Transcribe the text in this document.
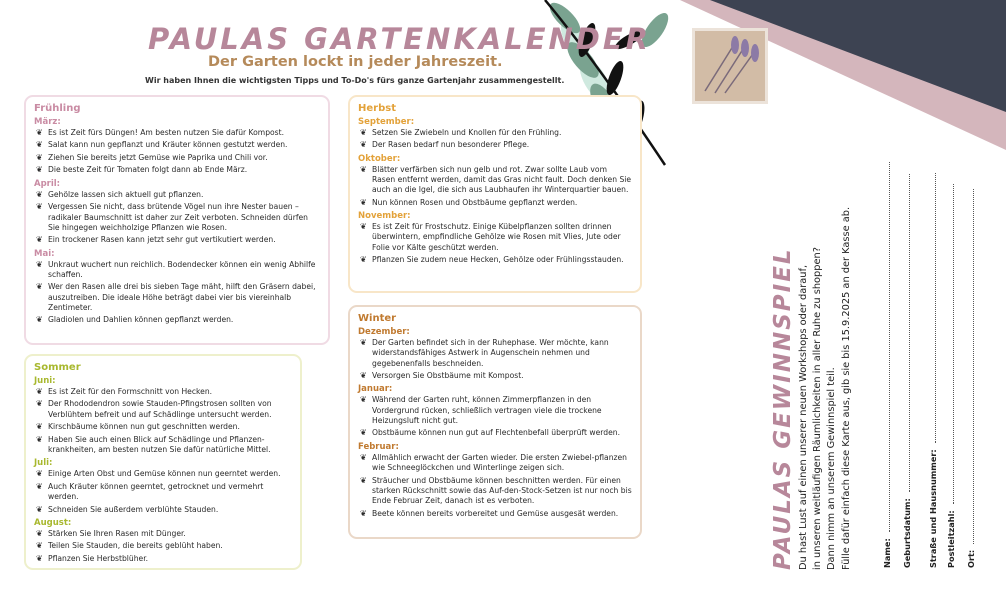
PAULAS GARTENKALENDER
Der Garten lockt in jeder Jahreszeit.
Wir haben Ihnen die wichtigsten Tipps und To-Do's fürs ganze Gartenjahr zusammengestellt.
Frühling
März:
❦ Es ist Zeit fürs Düngen! Am besten nutzen Sie dafür Kompost.
❦ Salat kann nun gepflanzt und Kräuter können gestutzt werden.
❦ Ziehen Sie bereits jetzt Gemüse wie Paprika und Chili vor.
❦ Die beste Zeit für Tomaten folgt dann ab Ende März.
April:
❦ Gehölze lassen sich aktuell gut pflanzen.
❦ Vergessen Sie nicht, dass brütende Vögel nun ihre Nester bauen – radikaler Baumschnitt ist daher zur Zeit verboten. Schneiden dürfen Sie hingegen weichholzige Pflanzen wie Rosen.
❦ Ein trockener Rasen kann jetzt sehr gut vertikutiert werden.
Mai:
❦ Unkraut wuchert nun reichlich. Bodendecker können ein wenig Abhilfe schaffen.
❦ Wer den Rasen alle drei bis sieben Tage mäht, hilft den Gräsern dabei, auszutreiben. Die ideale Höhe beträgt dabei vier bis viereinhalb Zentimeter.
❦ Gladiolen und Dahlien können gepflanzt werden.
Sommer
Juni:
❦ Es ist Zeit für den Formschnitt von Hecken.
❦ Der Rhododendron sowie Stauden-Pfingstrosen sollten von Verblühtem befreit und auf Schädlinge untersucht werden.
❦ Kirschbäume können nun gut geschnitten werden.
❦ Haben Sie auch einen Blick auf Schädlinge und Pflanzen-krankheiten, am besten nutzen Sie dafür natürliche Mittel.
Juli:
❦ Einige Arten Obst und Gemüse können nun geerntet werden.
❦ Auch Kräuter können geerntet, getrocknet und vermehrt werden.
❦ Schneiden Sie außerdem verblühte Stauden.
August:
❦ Stärken Sie Ihren Rasen mit Dünger.
❦ Teilen Sie Stauden, die bereits geblüht haben.
❦ Pflanzen Sie Herbstblüher.
Herbst
September:
❦ Setzen Sie Zwiebeln und Knollen für den Frühling.
❦ Der Rasen bedarf nun besonderer Pflege.
Oktober:
❦ Blätter verfärben sich nun gelb und rot. Zwar sollte Laub vom Rasen entfernt werden, damit das Gras nicht fault. Doch denken Sie auch an die Igel, die sich aus Laubhaufen ihr Winterquartier bauen.
❦ Nun können Rosen und Obstbäume gepflanzt werden.
November:
❦ Es ist Zeit für Frostschutz. Einige Kübelpflanzen sollten drinnen überwintern, empfindliche Gehölze wie Rosen mit Vlies, Jute oder Folie vor Kälte geschützt werden.
❦ Pflanzen Sie zudem neue Hecken, Gehölze oder Frühlingsstauden.
Winter
Dezember:
❦ Der Garten befindet sich in der Ruhephase. Wer möchte, kann widerstandsfähiges Astwerk in Augenschein nehmen und gegebenenfalls beschneiden.
❦ Versorgen Sie Obstbäume mit Kompost.
Januar:
❦ Während der Garten ruht, können Zimmerpflanzen in den Vordergrund rücken, schließlich vertragen viele die trockene Heizungsluft nicht gut.
❦ Obstbäume können nun gut auf Flechtenbefall überprüft werden.
Februar:
❦ Allmählich erwacht der Garten wieder. Die ersten Zwiebel-pflanzen wie Schneeglöckchen und Winterlinge zeigen sich.
❦ Sträucher und Obstbäume können beschnitten werden. Für einen starken Rückschnitt sowie das Auf-den-Stock-Setzen ist nur noch bis Ende Februar Zeit, danach ist es verboten.
❦ Beete können bereits vorbereitet und Gemüse ausgesät werden.	PAULAS GEWINNSPIEL Du hast Lust auf einen unserer neuen Workshops oder darauf, in unseren weitläufigen Räumlichkeiten in aller Ruhe zu shoppen? Dann nimm an unserem Gewinnspiel teil. Fülle dafür einfach diese Karte aus, gib sie bis 15.9.2025 an der Kasse ab.	Name: Geburtsdatum: Straße und Hausnummer: Postleitzahl: Ort:
